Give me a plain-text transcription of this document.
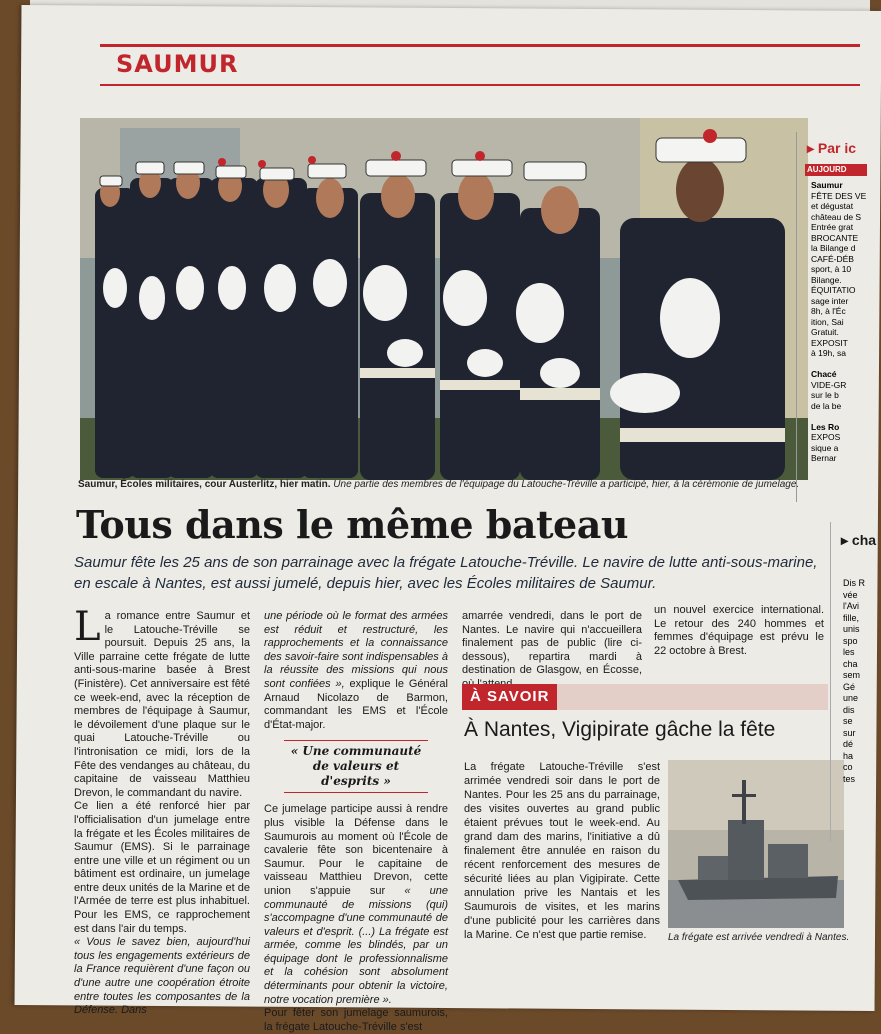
SAUMUR
Saumur, Écoles militaires, cour Austerlitz, hier matin. Une partie des membres de l'équipage du Latouche-Tréville a participé, hier, à la cérémonie de jumelage.
Tous dans le même bateau
Saumur fête les 25 ans de son parrainage avec la frégate Latouche-Tréville. Le navire de lutte anti-sous-marine, en escale à Nantes, est aussi jumelé, depuis hier, avec les Écoles militaires de Saumur.

La romance entre Saumur et le Latouche-Tréville se poursuit. Depuis 25 ans, la Ville parraine cette frégate de lutte anti-sous-marine basée à Brest (Finistère). Cet anniversaire est fêté ce week-end, avec la réception de membres de l'équipage à Saumur, le dévoilement d'une plaque sur le quai Latouche-Tréville ou l'intronisation ce midi, lors de la Fête des vendanges au château, du capitaine de vaisseau Matthieu Drevon, le commandant du navire.

Ce lien a été renforcé hier par l'officialisation d'un jumelage entre la frégate et les Écoles militaires de Saumur (EMS). Si le parrainage entre une ville et un régiment ou un bâtiment est ordinaire, un jumelage entre deux unités de la Marine et de l'Armée de terre est plus inhabituel. Pour les EMS, ce rapprochement est dans l'air du temps.

« Vous le savez bien, aujourd'hui tous les engagements extérieurs de la France requièrent d'une façon ou d'une autre une coopération étroite entre toutes les composantes de la Défense. Dans

une période où le format des armées est réduit et restructuré, les rapprochements et la connaissance des savoir-faire sont indispensables à la réussite des missions qui nous sont confiées », explique le Général Arnaud Nicolazo de Barmon, commandant les EMS et l'École d'État-major.

« Une communauté de valeurs et d'esprits »

Ce jumelage participe aussi à rendre plus visible la Défense dans le Saumurois au moment où l'École de cavalerie fête son bicentenaire à Saumur. Pour le capitaine de vaisseau Matthieu Drevon, cette union s'appuie sur « une communauté de missions (qui) s'accompagne d'une communauté de valeurs et d'esprit. (...) La frégate est armée, comme les blindés, par un équipage dont le professionnalisme et la cohésion sont absolument déterminants pour obtenir la victoire, notre vocation première ».

Pour fêter son jumelage saumurois, la frégate Latouche-Tréville s'est

amarrée vendredi, dans le port de Nantes. Le navire qui n'accueillera finalement pas de public (lire ci-dessous), repartira mardi à destination de Glasgow, en Écosse,

un nouvel exercice international. Le retour des 240 hommes et femmes d'équipage est prévu le 22 octobre à Brest.

À SAVOIR
À Nantes, Vigipirate gâche la fête
La frégate Latouche-Tréville s'est arrimée vendredi soir dans le port de Nantes. Pour les 25 ans du parrainage, des visites ouvertes au grand public étaient prévues tout le week-end. Au grand dam des marins, l'initiative a dû finalement être annulée en raison du récent renforcement des mesures de sécurité liées au plan Vigipirate. Cette annulation prive les Nantais et les Saumurois de visites, et les marins d'une publicité pour les carrières dans la Marine. Ce n'est que partie remise.	La frégate est arrivée vendredi à Nantes.
▸ Par ic
AUJOURD
Saumur
FÊTE DES VE
et dégustat
château de S
Entrée grat
BROCANTE
la Bilange d
CAFÉ-DÉB
sport, à 10
Bilange.
ÉQUITATIO
sage inter
8h, à l'Éc
ition, Sai
Gratuit.
EXPOSIT
à 19h, sa

Chacé
VIDE-GR
sur le b
de la be

Les Ro
EXPOS
sique a
Bernar
▸ cha
Dis R
vée
l'Avi
fille,
unis
spo
les
cha
sem
Gé
une
dis
se
sur
dé
ha
co
tes
